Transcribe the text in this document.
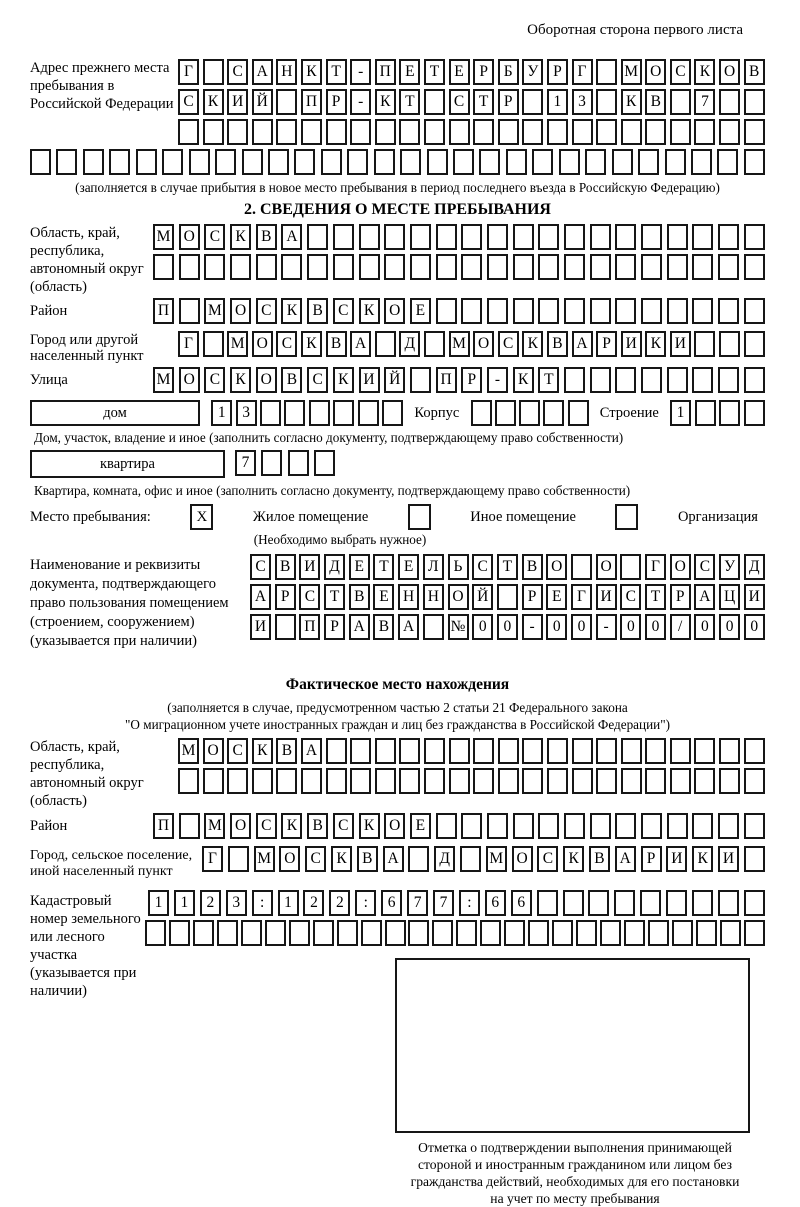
Оборотная сторона первого листа
Адрес прежнего места пребывания в Российской Федерации
Г	С А Н К Т	-	П Е Т Е	Р	Б У Р	Г	М О С К О В
С К И Й	П Р	-	К Т	С Т	Р	1	3	К В	7
(заполняется в случае прибытия в новое место пребывания в период последнего въезда в Российскую Федерацию)
2. СВЕДЕНИЯ О МЕСТЕ ПРЕБЫВАНИЯ
Область, край, республика, автономный округ (область)
М О С К В А
Район	П	М О С К В С К О Е
Город или другой населенный пункт
Г	М О С К В А	Д	М О С К В А Р И К И
Улица	М О С К О В С К И Й	П	Р	-	К	Т
дом	1	3	Корпус	Строение	1
Дом, участок, владение и иное (заполнить согласно документу, подтверждающему право собственности)
квартира	7
Квартира, комната, офис и иное (заполнить согласно документу, подтверждающему право собственности)
Место пребывания:	X	Жилое помещение	Иное помещение	Организация
(Необходимо выбрать нужное)
Наименование и реквизиты документа, подтверждающего право пользования помещением (строением, сооружением) (указывается при наличии)
С В И Д Е Т Е Л Ь С Т В О	О	Г О С У Д
А Р С Т В Е Н Н О Й	Р	Е Г И С Т	Р А Ц И
И	П Р А В А	№ 0	0	-	0	0	-	0	0	/	0	0	0
Фактическое место нахождения
(заполняется в случае, предусмотренном частью 2 статьи 21 Федерального закона
"О миграционном учете иностранных граждан и лиц без гражданства в Российской Федерации")
Область, край, республика, автономный округ (область)
М О С К В А
Район	П	М О С К В С К О Е
Город, сельское поселение, иной населенный пункт
Г	М О С К В А	Д	М О С К В А	Р	И К И
Кадастровый номер земельного или лесного участка (указывается при наличии)
1	1	2	3	:	1	2	2	:	6	7	7	:	6	6
Отметка о подтверждении выполнения принимающей
стороной и иностранным гражданином или лицом без
гражданства действий, необходимых для его постановки
на учет по месту пребывания
